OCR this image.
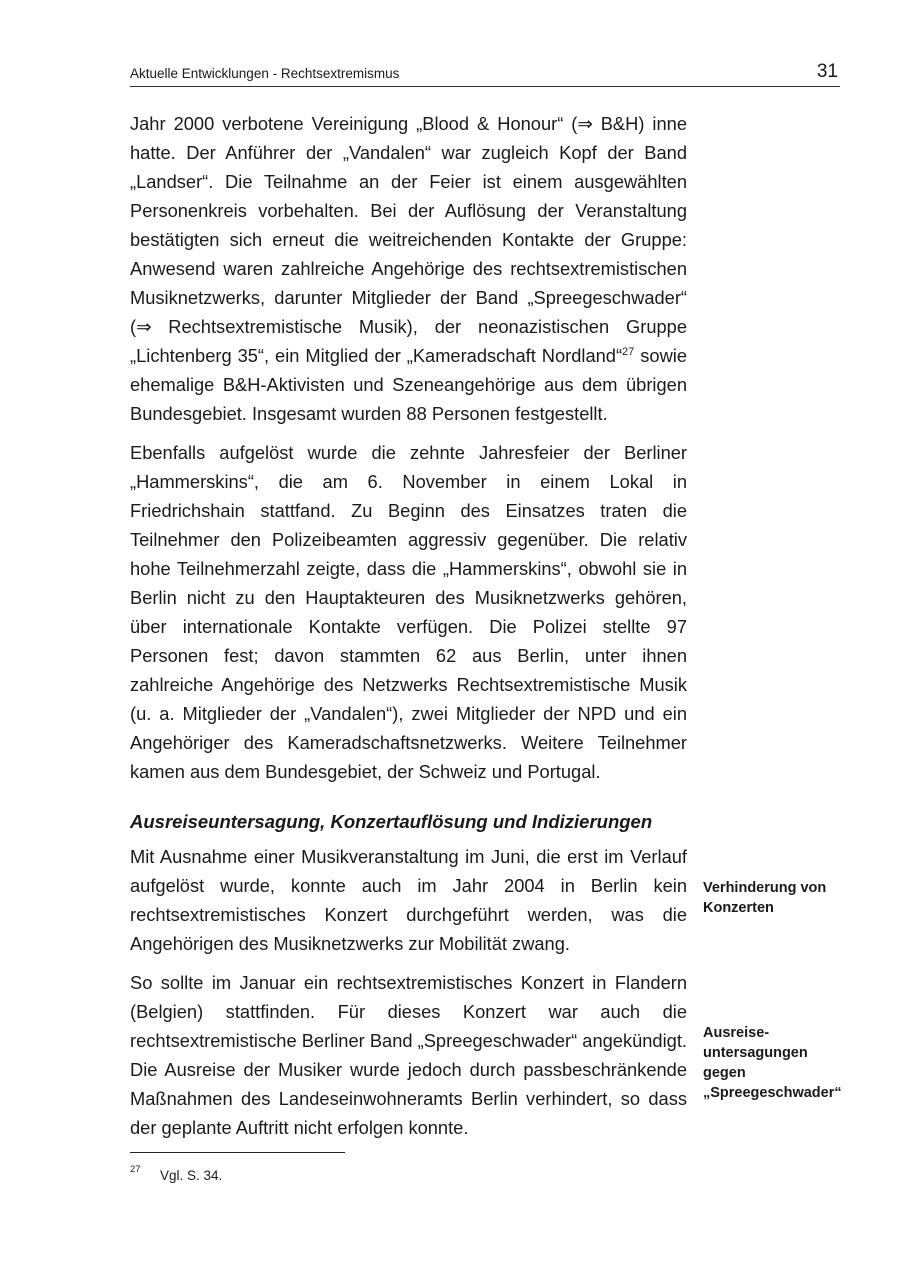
Aktuelle Entwicklungen - Rechtsextremismus	31

Jahr 2000 verbotene Vereinigung „Blood & Honour“ (⇒ B&H) inne hatte. Der Anführer der „Vandalen“ war zugleich Kopf der Band „Landser“. Die Teilnahme an der Feier ist einem ausgewählten Personenkreis vorbehalten. Bei der Auflösung der Veranstaltung bestätigten sich erneut die weitreichenden Kontakte der Gruppe: Anwesend waren zahlreiche Angehörige des rechtsextremistischen Musiknetzwerks, darunter Mitglieder der Band „Spreegeschwader“ (⇒ Rechtsextremistische Musik), der neonazistischen Gruppe „Lichtenberg 35“, ein Mitglied der „Kameradschaft Nordland“$^{27}$ sowie ehemalige B&H-Aktivisten und Szeneangehörige aus dem übrigen Bundesgebiet. Insgesamt wurden 88 Personen festgestellt.

Ebenfalls aufgelöst wurde die zehnte Jahresfeier der Berliner „Hammerskins“, die am 6. November in einem Lokal in Friedrichshain stattfand. Zu Beginn des Einsatzes traten die Teilnehmer den Polizeibeamten aggressiv gegenüber. Die relativ hohe Teilnehmerzahl zeigte, dass die „Hammerskins“, obwohl sie in Berlin nicht zu den Hauptakteuren des Musiknetzwerks gehören, über internationale Kontakte verfügen. Die Polizei stellte 97 Personen fest; davon stammten 62 aus Berlin, unter ihnen zahlreiche Angehörige des Netzwerks Rechtsextremistische Musik (u. a. Mitglieder der „Vandalen“), zwei Mitglieder der NPD und ein Angehöriger des Kameradschaftsnetzwerks. Weitere Teilnehmer kamen aus dem Bundesgebiet, der Schweiz und Portugal.

Ausreiseuntersagung, Konzertauflösung und Indizierungen

Mit Ausnahme einer Musikveranstaltung im Juni, die erst im Verlauf aufgelöst wurde, konnte auch im Jahr 2004 in Berlin kein rechtsextremistisches Konzert durchgeführt werden, was die Angehörigen des Musiknetzwerks zur Mobilität zwang.

So sollte im Januar ein rechtsextremistisches Konzert in Flandern (Belgien) stattfinden. Für dieses Konzert war auch die rechtsextremistische Berliner Band „Spreegeschwader“ angekündigt. Die Ausreise der Musiker wurde jedoch durch passbeschränkende Maßnahmen des Landeseinwohneramts Berlin verhindert, so dass der geplante Auftritt nicht erfolgen konnte.

Verhinderung von Konzerten
Ausreise-untersagungen gegen „Spreegeschwader“
27 Vgl. S. 34.
